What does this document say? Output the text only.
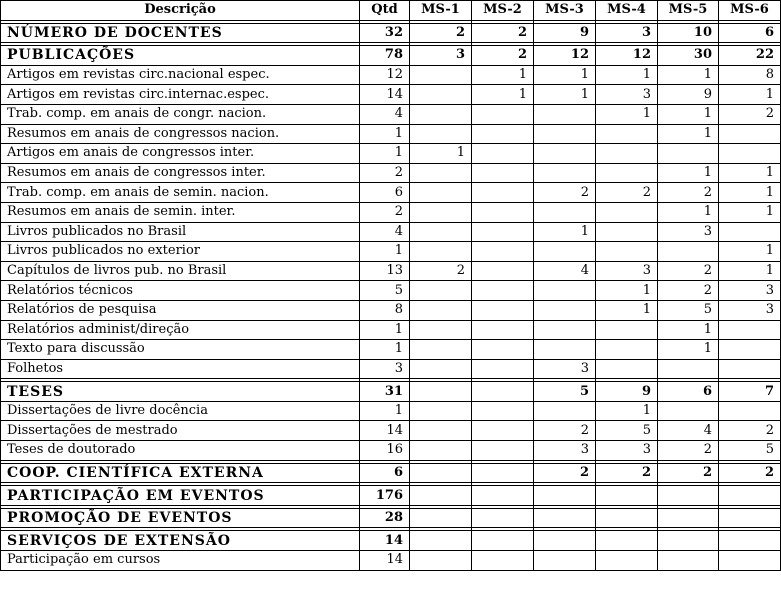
Descrição	Qtd	MS-1	MS-2	MS-3	MS-4	MS-5	MS-6

NÚMERO DE DOCENTES	32	2	2	9	3	10	6

PUBLICAÇÕES	78	3	2	12	12	30	22
Artigos em revistas circ.nacional espec.	12		1	1	1	1	8
Artigos em revistas circ.internac.espec.	14		1	1	3	9	1
Trab. comp. em anais de congr. nacion.	4				1	1	2
Resumos em anais de congressos nacion.	1					1	
Artigos em anais de congressos inter.	1	1					
Resumos em anais de congressos inter.	2					1	1
Trab. comp. em anais de semin. nacion.	6			2	2	2	1
Resumos em anais de semin. inter.	2					1	1
Livros publicados no Brasil	4			1		3	
Livros publicados no exterior	1						1
Capítulos de livros pub. no Brasil	13	2		4	3	2	1
Relatórios técnicos	5				1	2	3
Relatórios de pesquisa	8				1	5	3
Relatórios administ/direção	1					1	
Texto para discussão	1					1	
Folhetos	3			3			

TESES	31			5	9	6	7
Dissertações de livre docência	1				1		
Dissertações de mestrado	14			2	5	4	2
Teses de doutorado	16			3	3	2	5

COOP. CIENTÍFICA EXTERNA	6			2	2	2	2

PARTICIPAÇÃO EM EVENTOS	176						

PROMOÇÃO DE EVENTOS	28						

SERVIÇOS DE EXTENSÃO	14						
Participação em cursos	14						
